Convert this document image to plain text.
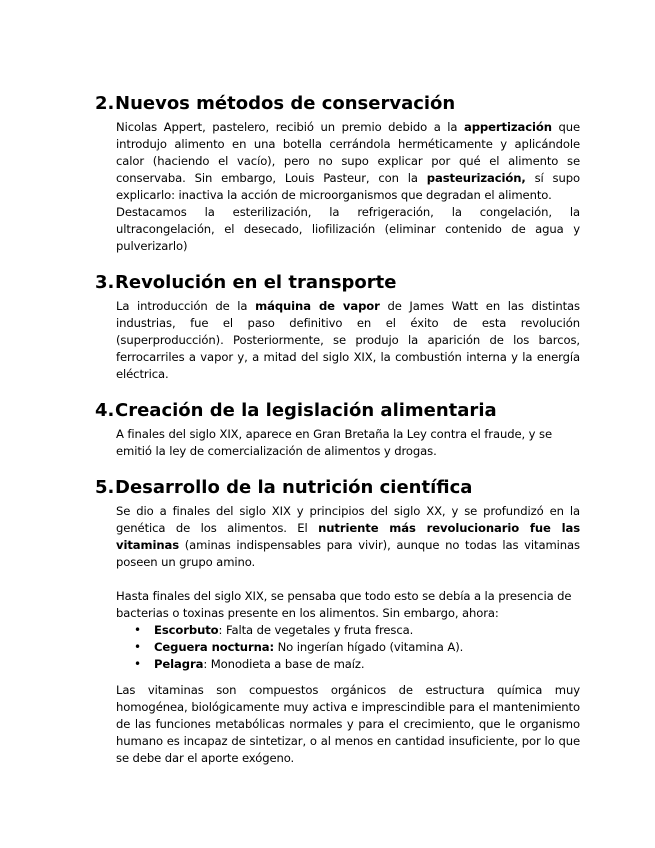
2.Nuevos métodos de conservación

Nicolas Appert, pastelero, recibió un premio debido a la appertización que introdujo alimento en una botella cerrándola herméticamente y aplicándole calor (haciendo el vacío), pero no supo explicar por qué el alimento se conservaba. Sin embargo, Louis Pasteur, con la pasteurización, sí supo explicarlo: inactiva la acción de microorganismos que degradan el alimento.

Destacamos la esterilización, la refrigeración, la congelación, la ultracongelación, el desecado, liofilización (eliminar contenido de agua y pulverizarlo)

3.Revolución en el transporte

La introducción de la máquina de vapor de James Watt en las distintas industrias, fue el paso definitivo en el éxito de esta revolución (superproducción). Posteriormente, se produjo la aparición de los barcos, ferrocarriles a vapor y, a mitad del siglo XIX, la combustión interna y la energía eléctrica.

4.Creación de la legislación alimentaria

A finales del siglo XIX, aparece en Gran Bretaña la Ley contra el fraude, y se emitió la ley de comercialización de alimentos y drogas.

5.Desarrollo de la nutrición científica

Se dio a finales del siglo XIX y principios del siglo XX, y se profundizó en la genética de los alimentos. El nutriente más revolucionario fue las vitaminas (aminas indispensables para vivir), aunque no todas las vitaminas poseen un grupo amino.

Hasta finales del siglo XIX, se pensaba que todo esto se debía a la presencia de bacterias o toxinas presente en los alimentos. Sin embargo, ahora:

• Escorbuto: Falta de vegetales y fruta fresca.
• Ceguera nocturna: No ingerían hígado (vitamina A).
• Pelagra: Monodieta a base de maíz.

Las vitaminas son compuestos orgánicos de estructura química muy homogénea, biológicamente muy activa e imprescindible para el mantenimiento de las funciones metabólicas normales y para el crecimiento, que le organismo humano es incapaz de sintetizar, o al menos en cantidad insuficiente, por lo que se debe dar el aporte exógeno.
